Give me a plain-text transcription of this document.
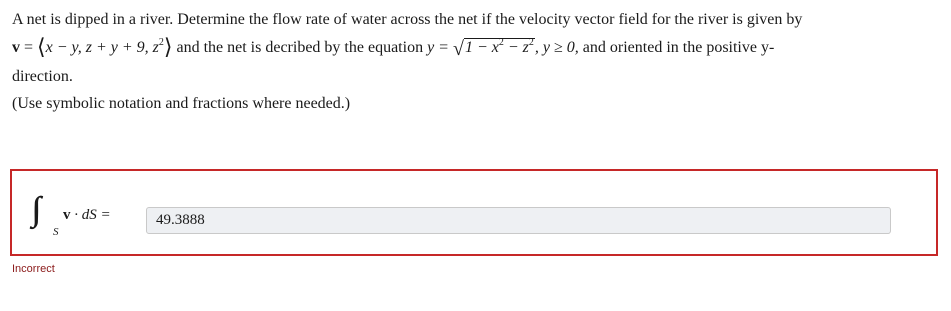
A net is dipped in a river. Determine the flow rate of water across the net if the velocity vector field for the river is given by
v = ⟨x − y, z + y + 9, $z^2⟩$ and the net is decribed by the equation $y = √1 - x^2 - z^2$, y ≥ 0, and oriented in the positive y-
direction.
(Use symbolic notation and fractions where needed.)
S
v · dS =	49.3888
Incorrect
